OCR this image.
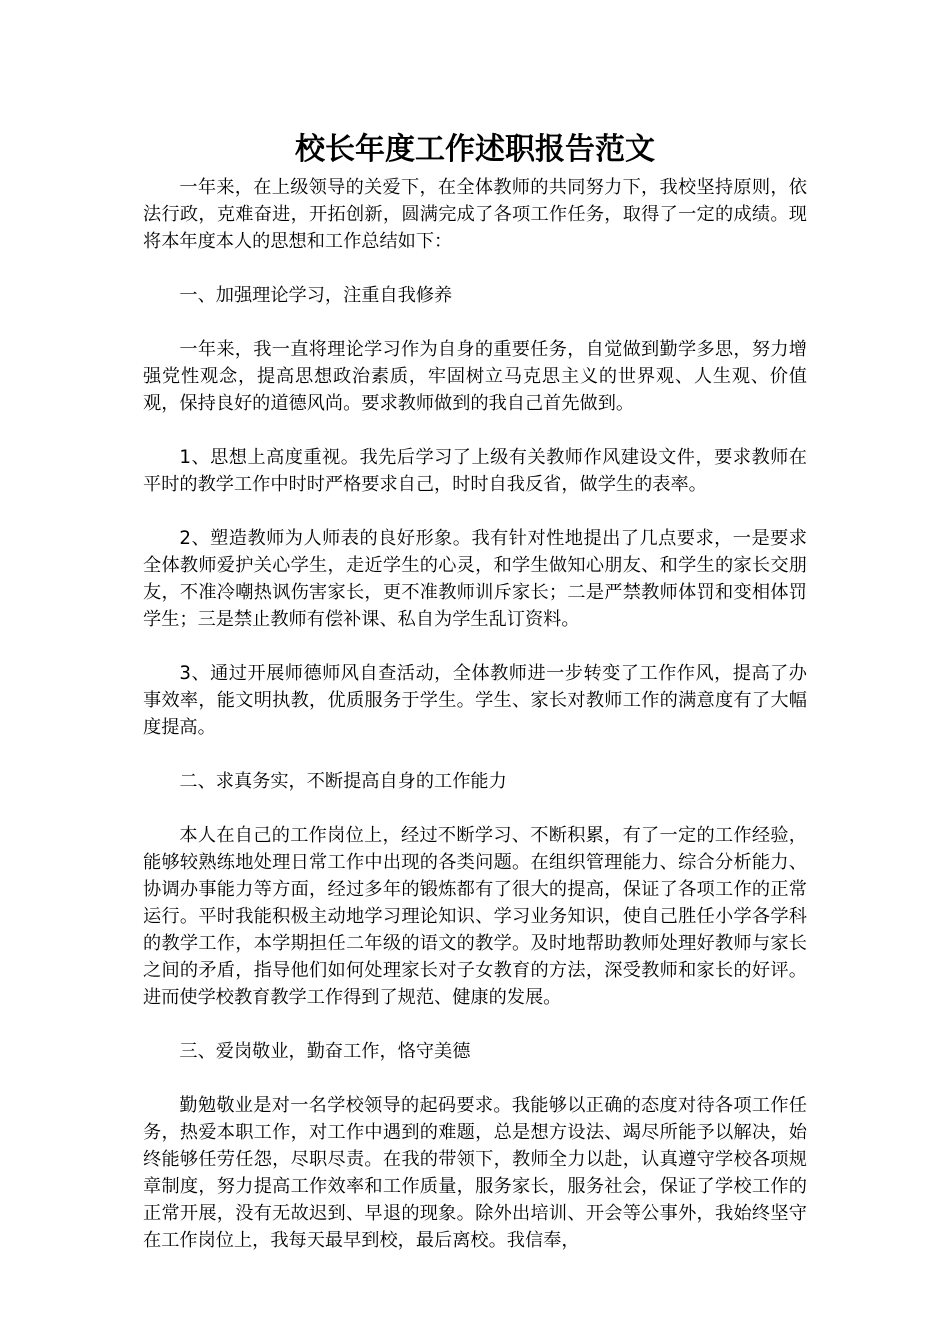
校长年度工作述职报告范文

一年来，在上级领导的关爱下，在全体教师的共同努力下，我校坚持原则，依法行政，克难奋进，开拓创新，圆满完成了各项工作任务，取得了一定的成绩。现将本年度本人的思想和工作总结如下：

一、加强理论学习，注重自我修养

一年来，我一直将理论学习作为自身的重要任务，自觉做到勤学多思，努力增强党性观念，提高思想政治素质，牢固树立马克思主义的世界观、人生观、价值观，保持良好的道德风尚。要求教师做到的我自己首先做到。

1、思想上高度重视。我先后学习了上级有关教师作风建设文件，要求教师在平时的教学工作中时时严格要求自己，时时自我反省，做学生的表率。

2、塑造教师为人师表的良好形象。我有针对性地提出了几点要求，一是要求全体教师爱护关心学生，走近学生的心灵，和学生做知心朋友、和学生的家长交朋友，不准冷嘲热讽伤害家长，更不准教师训斥家长；二是严禁教师体罚和变相体罚学生；三是禁止教师有偿补课、私自为学生乱订资料。

3、通过开展师德师风自查活动，全体教师进一步转变了工作作风，提高了办事效率，能文明执教，优质服务于学生。学生、家长对教师工作的满意度有了大幅度提高。

二、求真务实，不断提高自身的工作能力

本人在自己的工作岗位上，经过不断学习、不断积累，有了一定的工作经验，能够较熟练地处理日常工作中出现的各类问题。在组织管理能力、综合分析能力、协调办事能力等方面，经过多年的锻炼都有了很大的提高，保证了各项工作的正常运行。平时我能积极主动地学习理论知识、学习业务知识，使自己胜任小学各学科的教学工作，本学期担任二年级的语文的教学。及时地帮助教师处理好教师与家长之间的矛盾，指导他们如何处理家长对子女教育的方法，深受教师和家长的好评。进而使学校教育教学工作得到了规范、健康的发展。

三、爱岗敬业，勤奋工作，恪守美德

勤勉敬业是对一名学校领导的起码要求。我能够以正确的态度对待各项工作任务，热爱本职工作，对工作中遇到的难题，总是想方设法、竭尽所能予以解决，始终能够任劳任怨，尽职尽责。在我的带领下，教师全力以赴，认真遵守学校各项规章制度，努力提高工作效率和工作质量，服务家长，服务社会，保证了学校工作的正常开展，没有无故迟到、早退的现象。除外出培训、开会等公事外，我始终坚守在工作岗位上，我每天最早到校，最后离校。我信奉，
